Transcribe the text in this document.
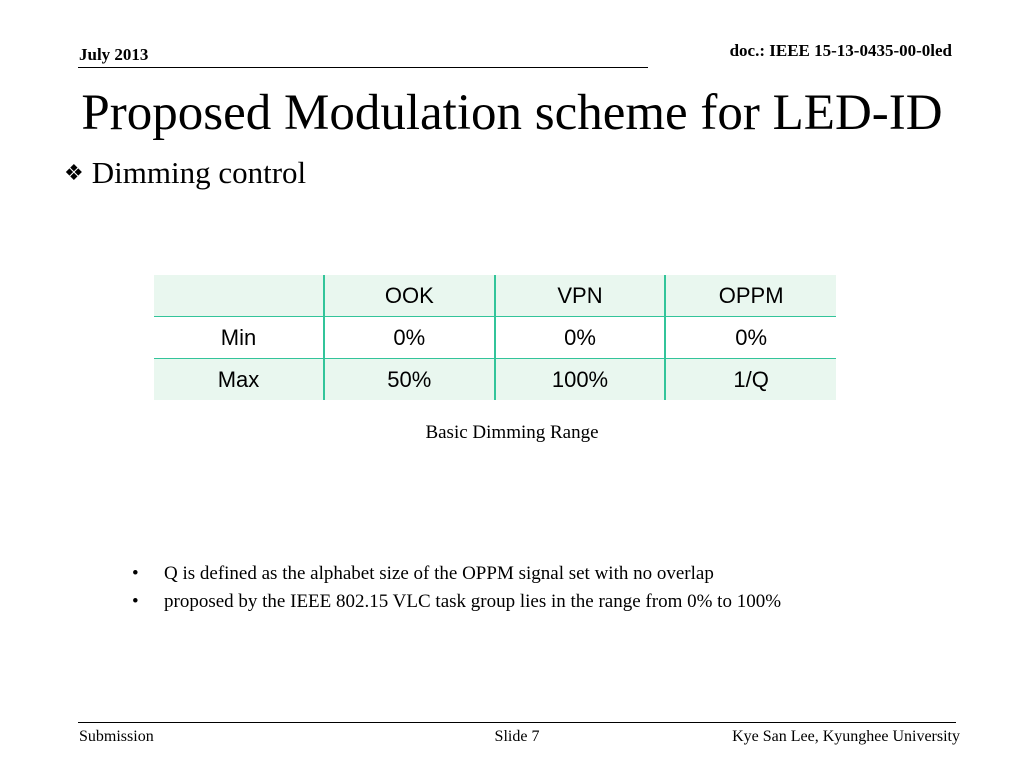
July 2013	doc.: IEEE 15-13-0435-00-0led
Proposed Modulation scheme for LED-ID
❖ Dimming control
	OOK	VPN	OPPM
Min	0%	0%	0%
Max	50%	100%	1/Q
Basic Dimming Range
• Q is defined as the alphabet size of the OPPM signal set with no overlap
• proposed by the IEEE 802.15 VLC task group lies in the range from 0% to 100%
Submission	Slide 7	Kye San Lee, Kyunghee University
